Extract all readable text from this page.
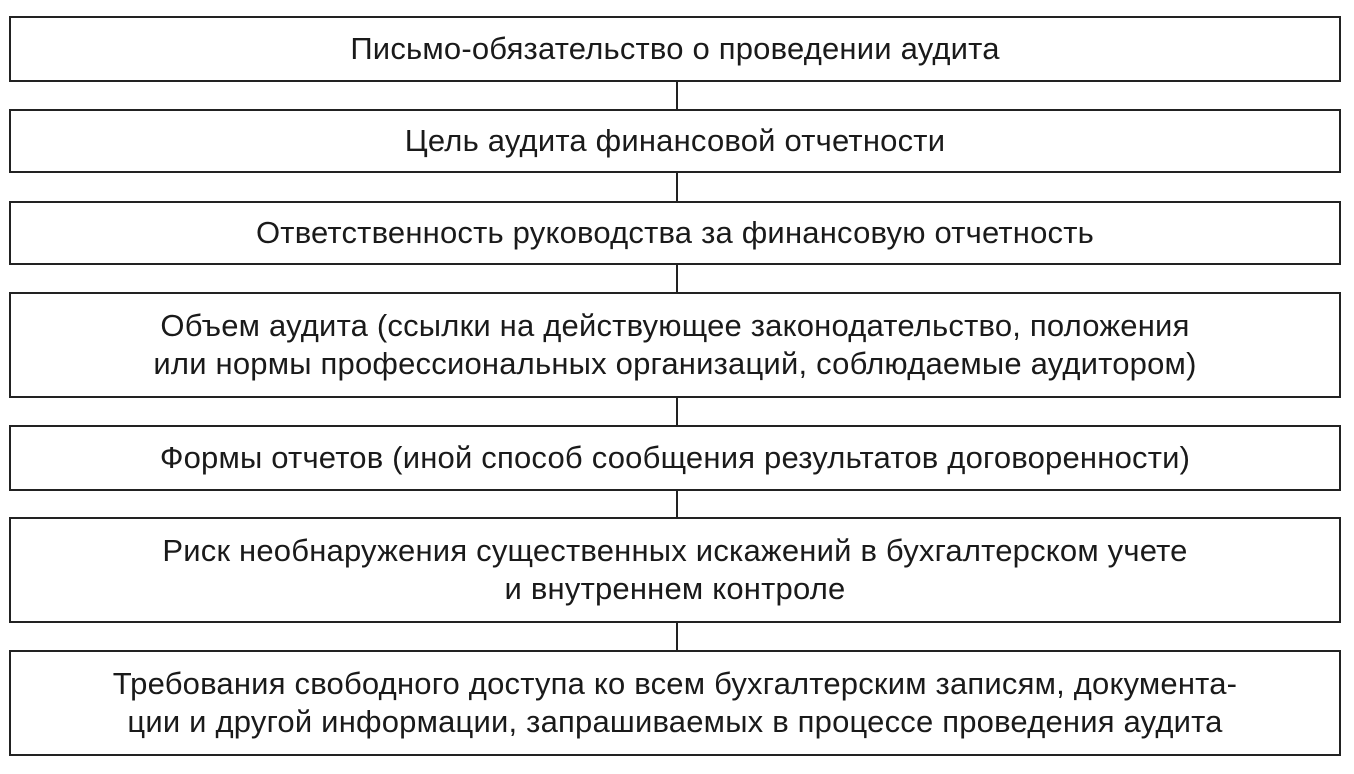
Письмо-обязательство о проведении аудита
Цель аудита финансовой отчетности
Ответственность руководства за финансовую отчетность
Объем аудита (ссылки на действующее законодательство, положения
или нормы профессиональных организаций, соблюдаемые аудитором)
Формы отчетов (иной способ сообщения результатов договоренности)
Риск необнаружения существенных искажений в бухгалтерском учете
и внутреннем контроле
Требования свободного доступа ко всем бухгалтерским записям, документа-
ции и другой информации, запрашиваемых в процессе проведения аудита
